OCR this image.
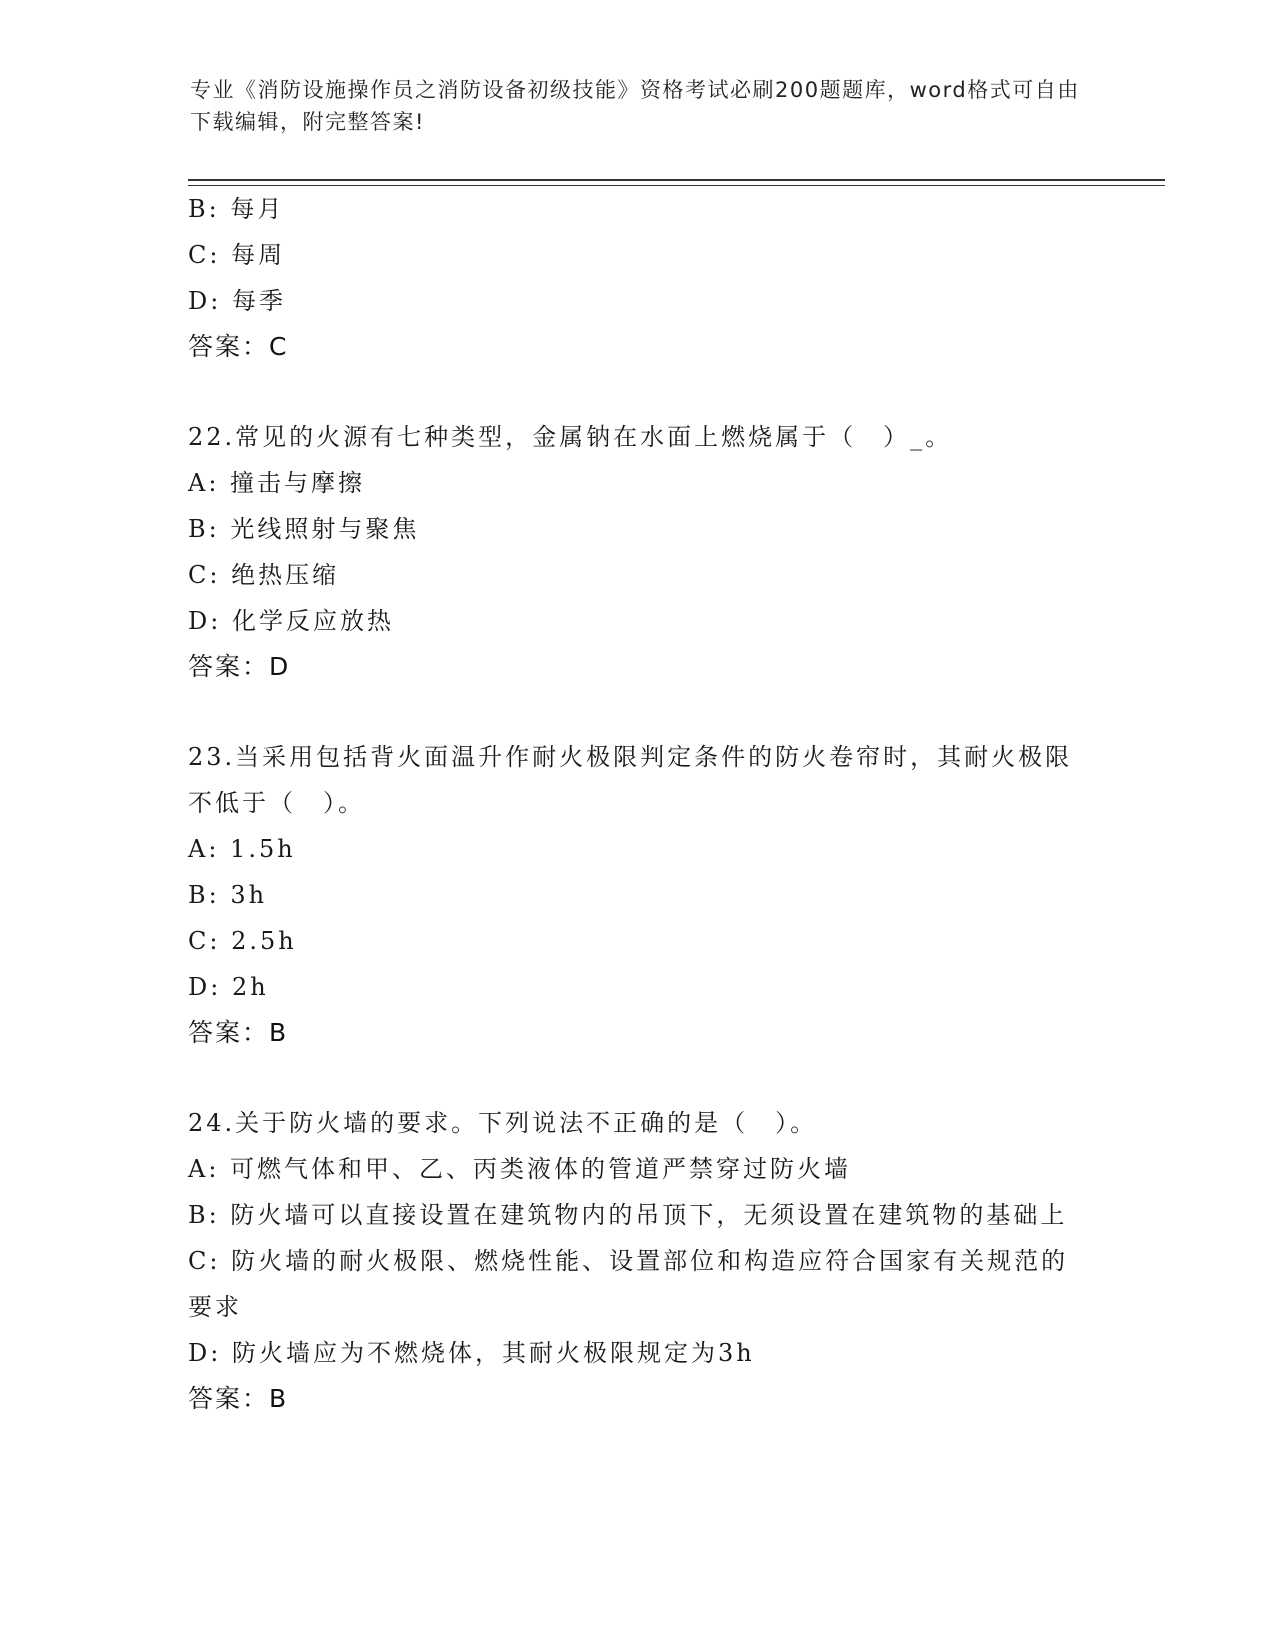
专业《消防设施操作员之消防设备初级技能》资格考试必刷200题题库，word格式可自由下载编辑，附完整答案!
B: 每月
C: 每周
D: 每季
答案：C
22.常见的火源有七种类型，金属钠在水面上燃烧属于（　）_。
A: 撞击与摩擦
B: 光线照射与聚焦
C: 绝热压缩
D: 化学反应放热
答案：D
23.当采用包括背火面温升作耐火极限判定条件的防火卷帘时，其耐火极限不低于（　）。
A: 1.5h
B: 3h
C: 2.5h
D: 2h
答案：B
24.关于防火墙的要求。下列说法不正确的是（　）。
A: 可燃气体和甲、乙、丙类液体的管道严禁穿过防火墙
B: 防火墙可以直接设置在建筑物内的吊顶下，无须设置在建筑物的基础上
C: 防火墙的耐火极限、燃烧性能、设置部位和构造应符合国家有关规范的要求
D: 防火墙应为不燃烧体，其耐火极限规定为3h
答案：B
